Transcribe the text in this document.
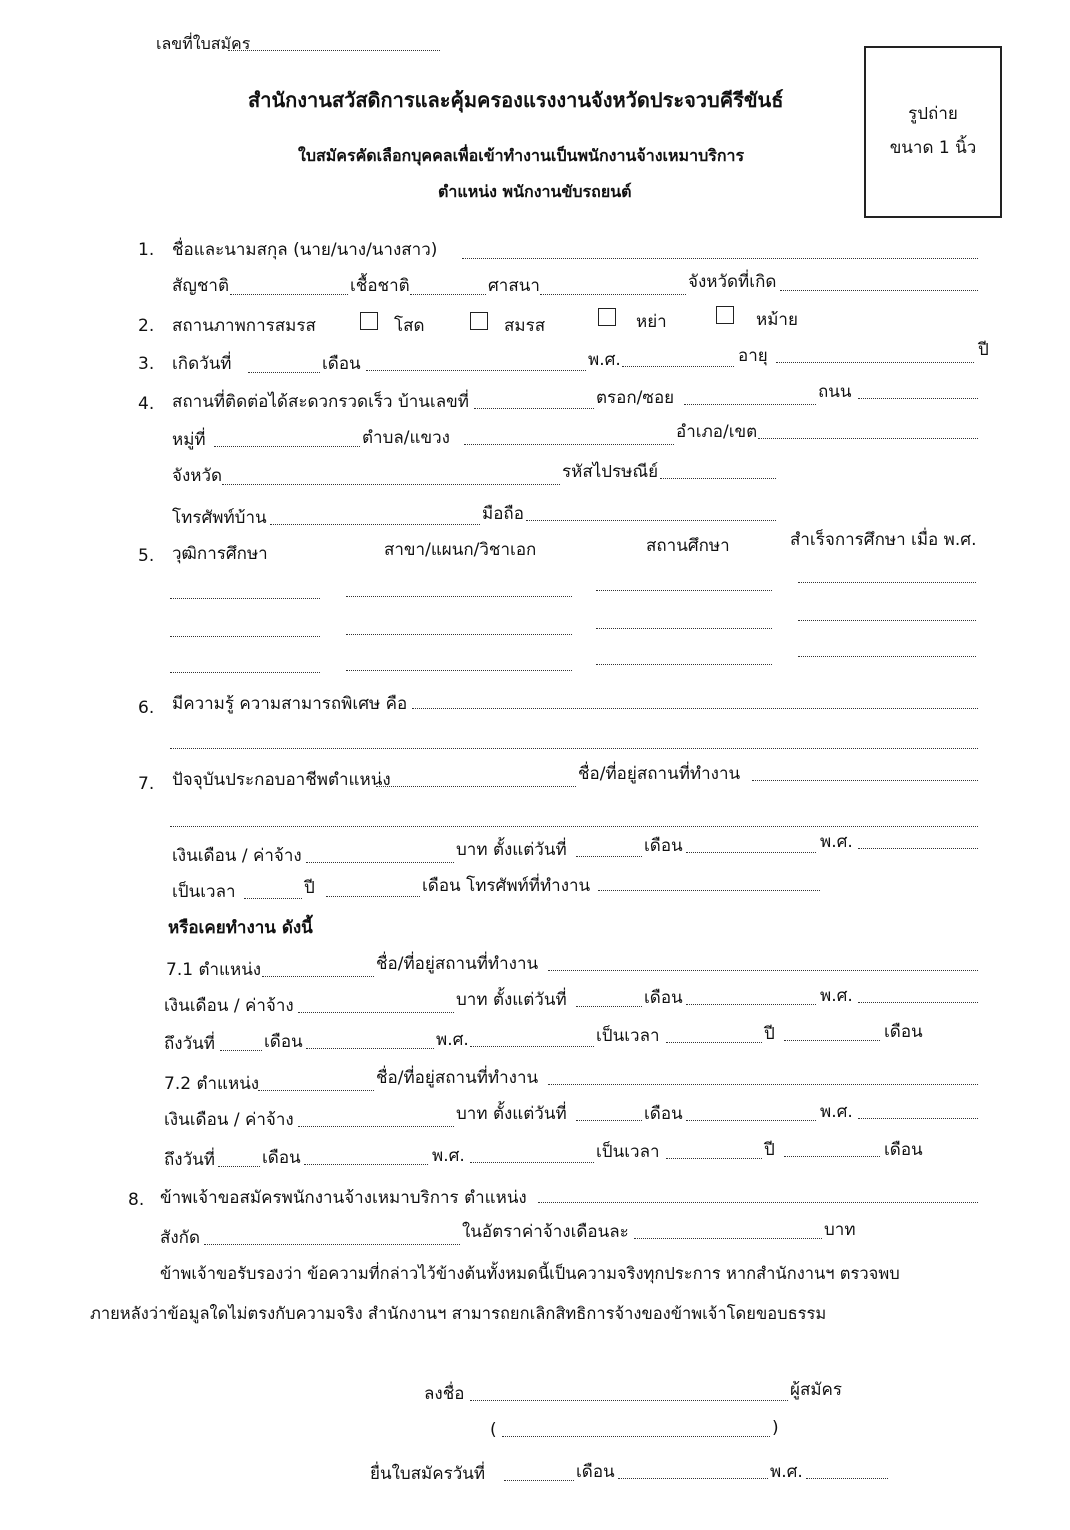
เลขที่ใบสมัคร
สำนักงานสวัสดิการและคุ้มครองแรงงานจังหวัดประจวบคีรีขันธ์
ใบสมัครคัดเลือกบุคคลเพื่อเข้าทำงานเป็นพนักงานจ้างเหมาบริการ
ตำแหน่ง พนักงานขับรถยนต์
รูปถ่าย
ขนาด 1 นิ้ว
1. ชื่อและนามสกุล (นาย/นาง/นางสาว)
สัญชาติ	เชื้อชาติ	ศาสนา	จังหวัดที่เกิด
2. สถานภาพการสมรส	โสด	สมรส	หย่า	หม้าย
3. เกิดวันที่	เดือน	พ.ศ.	อายุ	ปี
4. สถานที่ติดต่อได้สะดวกรวดเร็ว บ้านเลขที่	ตรอก/ซอย	ถนน
หมู่ที่	ตำบล/แขวง	อำเภอ/เขต
จังหวัด	รหัสไปรษณีย์
โทรศัพท์บ้าน	มือถือ
5. วุฒิการศึกษา	สาขา/แผนก/วิชาเอก	สถานศึกษา	สำเร็จการศึกษา เมื่อ พ.ศ.
6. มีความรู้ ความสามารถพิเศษ คือ
7. ปัจจุบันประกอบอาชีพตำแหน่ง	ชื่อ/ที่อยู่สถานที่ทำงาน
เงินเดือน / ค่าจ้าง	บาท ตั้งแต่วันที่	เดือน	พ.ศ.
เป็นเวลา	ปี	เดือน โทรศัพท์ที่ทำงาน
หรือเคยทำงาน ดังนี้
7.1 ตำแหน่ง	ชื่อ/ที่อยู่สถานที่ทำงาน
เงินเดือน / ค่าจ้าง	บาท ตั้งแต่วันที่	เดือน	พ.ศ.
ถึงวันที่	เดือน	พ.ศ.	เป็นเวลา	ปี	เดือน
7.2 ตำแหน่ง	ชื่อ/ที่อยู่สถานที่ทำงาน
เงินเดือน / ค่าจ้าง	บาท ตั้งแต่วันที่	เดือน	พ.ศ.
ถึงวันที่	เดือน	พ.ศ.	เป็นเวลา	ปี	เดือน
8. ข้าพเจ้าขอสมัครพนักงานจ้างเหมาบริการ ตำแหน่ง
สังกัด	ในอัตราค่าจ้างเดือนละ	บาท
ข้าพเจ้าขอรับรองว่า ข้อความที่กล่าวไว้ข้างต้นทั้งหมดนี้เป็นความจริงทุกประการ หากสำนักงานฯ ตรวจพบ
ภายหลังว่าข้อมูลใดไม่ตรงกับความจริง สำนักงานฯ สามารถยกเลิกสิทธิการจ้างของข้าพเจ้าโดยขอบธรรม
ลงชื่อ	ผู้สมัคร
(	)
ยื่นใบสมัครวันที่	เดือน	พ.ศ.
